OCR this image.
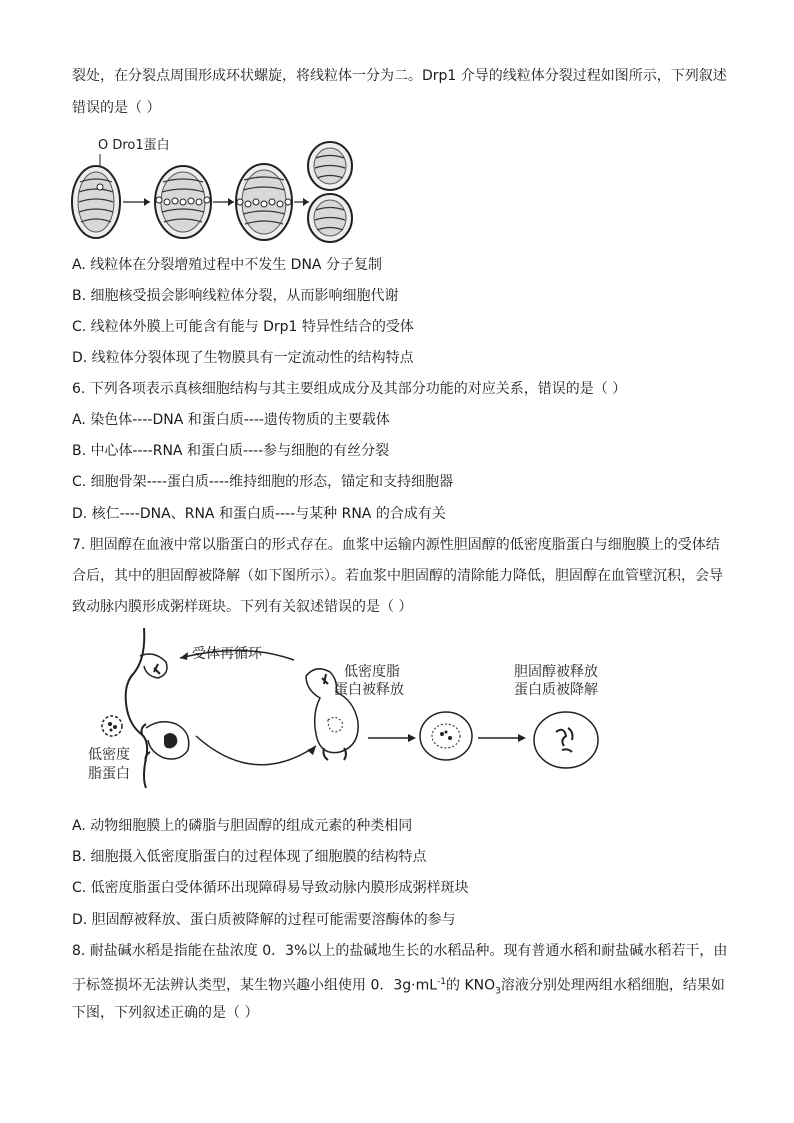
裂处，在分裂点周围形成环状螺旋，将线粒体一分为二。Drp1 介导的线粒体分裂过程如图所示，下列叙述
错误的是（ ）
O Dro1蛋白
A. 线粒体在分裂增殖过程中不发生 DNA 分子复制
B. 细胞核受损会影响线粒体分裂，从而影响细胞代谢
C. 线粒体外膜上可能含有能与 Drp1 特异性结合的受体
D. 线粒体分裂体现了生物膜具有一定流动性的结构特点
6. 下列各项表示真核细胞结构与其主要组成成分及其部分功能的对应关系，错误的是（ ）
A. 染色体----DNA 和蛋白质----遗传物质的主要载体
B. 中心体----RNA 和蛋白质----参与细胞的有丝分裂
C. 细胞骨架----蛋白质----维持细胞的形态，锚定和支持细胞器
D. 核仁----DNA、RNA 和蛋白质----与某种 RNA 的合成有关
7. 胆固醇在血液中常以脂蛋白的形式存在。血浆中运输内源性胆固醇的低密度脂蛋白与细胞膜上的受体结
合后，其中的胆固醇被降解（如下图所示）。若血浆中胆固醇的清除能力降低，胆固醇在血管壁沉积，会导
致动脉内膜形成粥样斑块。下列有关叙述错误的是（ ）
受体再循环
低密度脂
蛋白被释放
胆固醇被释放
蛋白质被降解
低密度
脂蛋白
A. 动物细胞膜上的磷脂与胆固醇的组成元素的种类相同
B. 细胞摄入低密度脂蛋白的过程体现了细胞膜的结构特点
C. 低密度脂蛋白受体循环出现障碍易导致动脉内膜形成粥样斑块
D. 胆固醇被释放、蛋白质被降解的过程可能需要溶酶体的参与
8. 耐盐碱水稻是指能在盐浓度 0．3%以上的盐碱地生长的水稻品种。现有普通水稻和耐盐碱水稻若干，由
于标签损坏无法辨认类型，某生物兴趣小组使用 0．$3g\cdot mL^{-1}$的 $KNO_3$溶液分别处理两组水稻细胞，结果如
下图，下列叙述正确的是（ ）
